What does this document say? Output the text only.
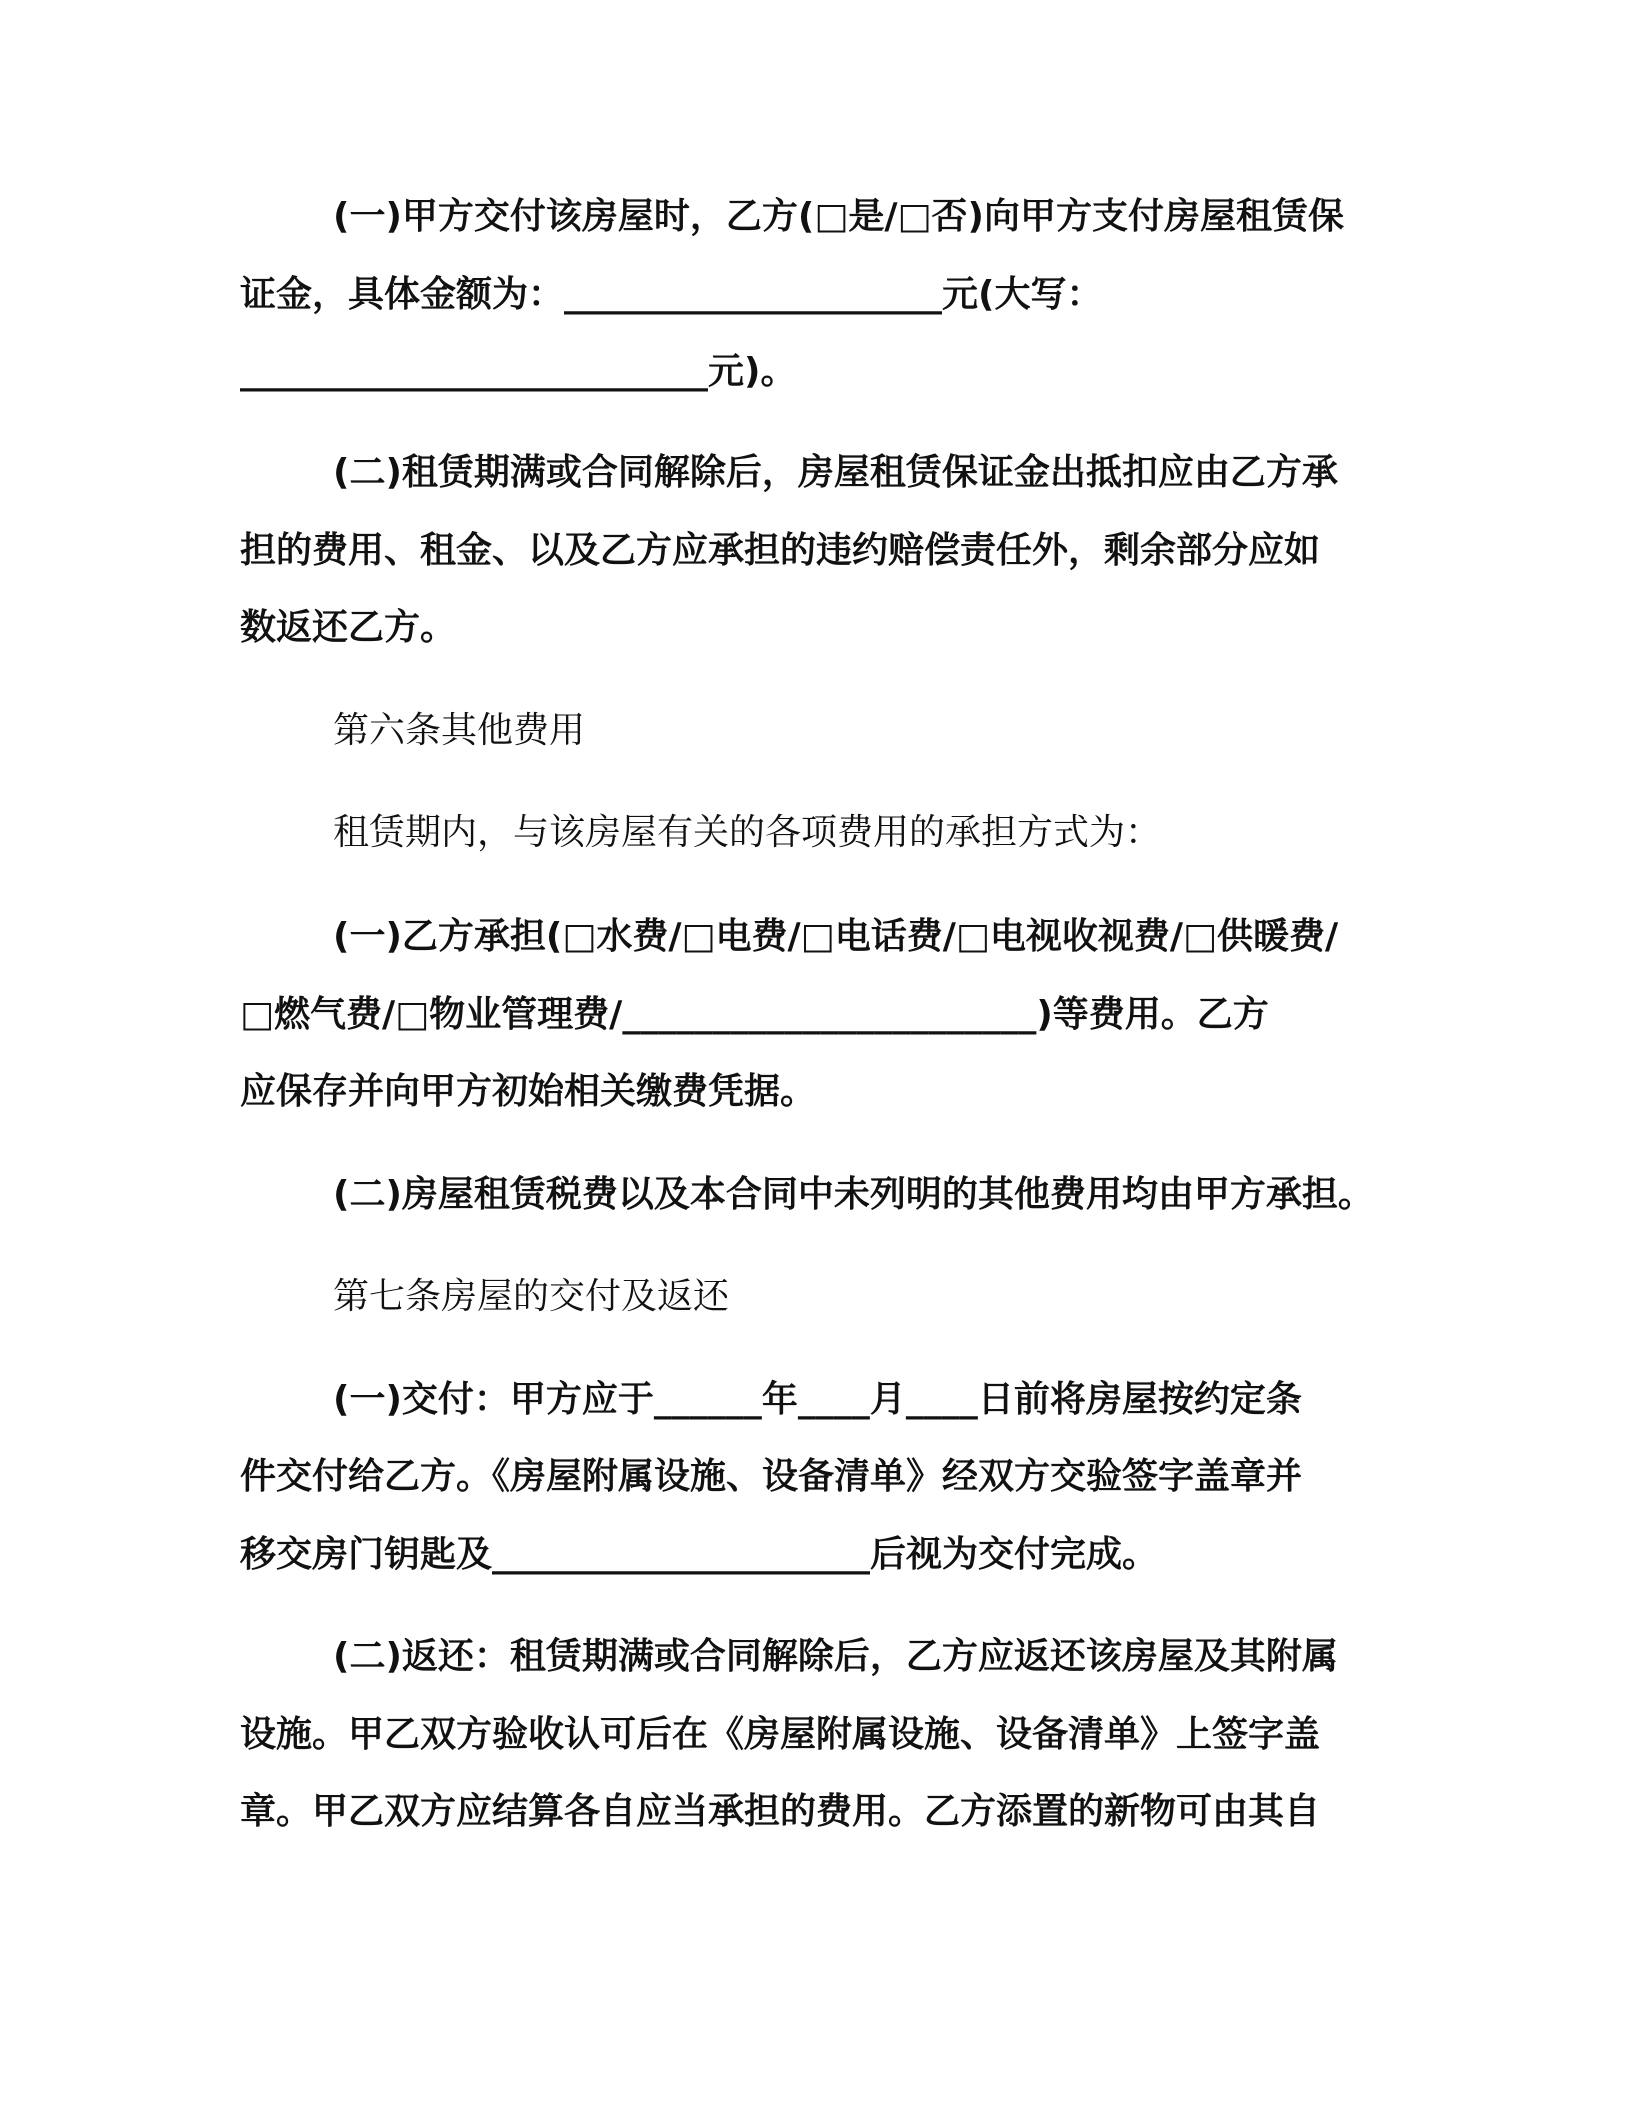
(一)甲方交付该房屋时，乙方(□是/□否)向甲方支付房屋租赁保
证金，具体金额为：_____________________元(大写：
__________________________元)。
(二)租赁期满或合同解除后，房屋租赁保证金出抵扣应由乙方承
担的费用、租金、以及乙方应承担的违约赔偿责任外，剩余部分应如
数返还乙方。
第六条其他费用
租赁期内，与该房屋有关的各项费用的承担方式为：
(一)乙方承担(□水费/□电费/□电话费/□电视收视费/□供暖费/
□燃气费/□物业管理费/_______________________)等费用。乙方
应保存并向甲方初始相关缴费凭据。
(二)房屋租赁税费以及本合同中未列明的其他费用均由甲方承担。
第七条房屋的交付及返还
(一)交付：甲方应于______年____月____日前将房屋按约定条
件交付给乙方。《房屋附属设施、设备清单》经双方交验签字盖章并
移交房门钥匙及_____________________后视为交付完成。
(二)返还：租赁期满或合同解除后，乙方应返还该房屋及其附属
设施。甲乙双方验收认可后在《房屋附属设施、设备清单》上签字盖
章。甲乙双方应结算各自应当承担的费用。乙方添置的新物可由其自
